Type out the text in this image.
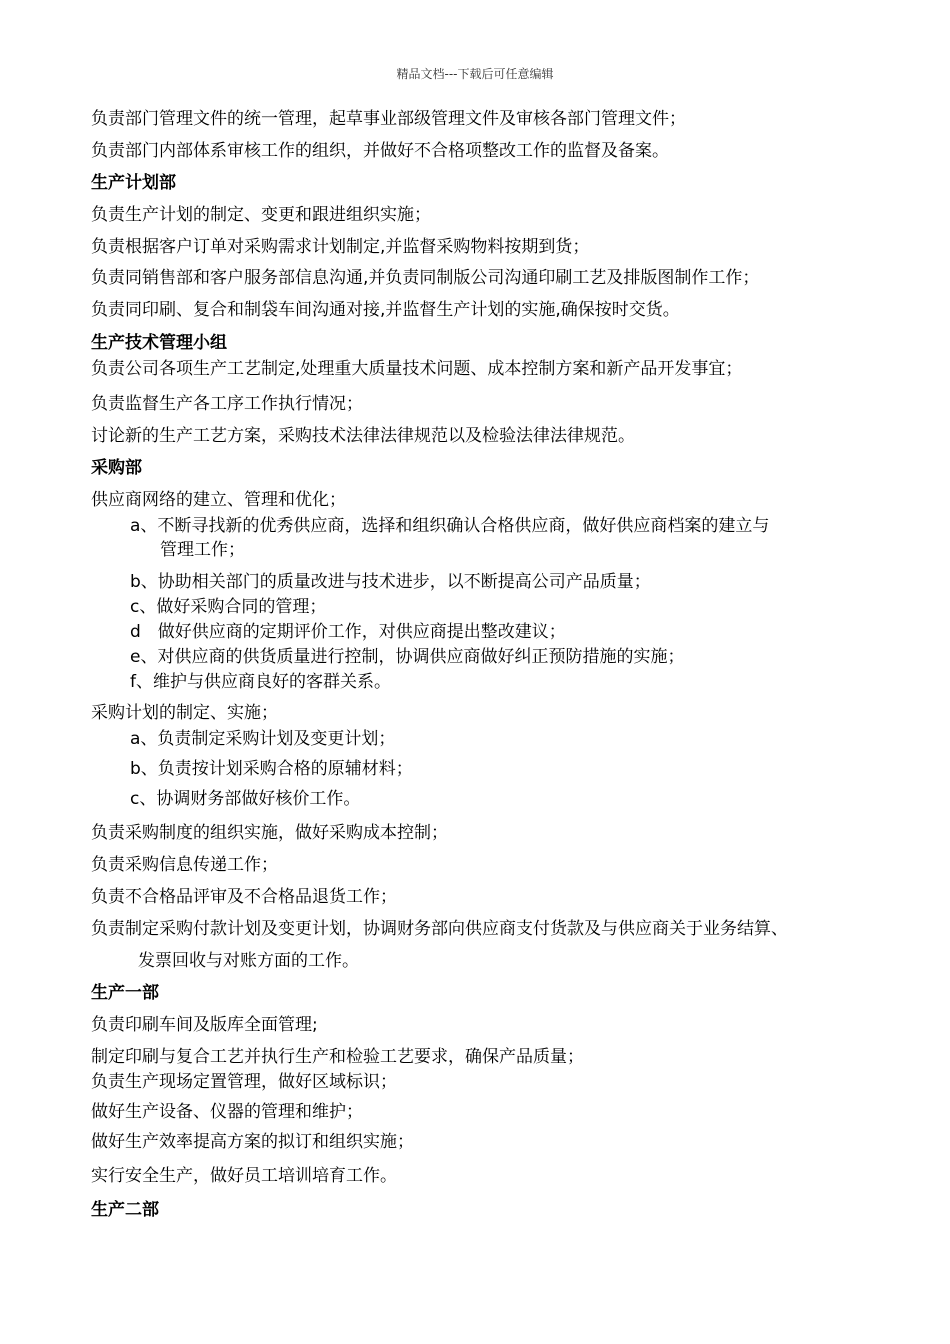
精品文档---下载后可任意编辑
负责部门管理文件的统一管理，起草事业部级管理文件及审核各部门管理文件；
负责部门内部体系审核工作的组织，并做好不合格项整改工作的监督及备案。
生产计划部
负责生产计划的制定、变更和跟进组织实施；
负责根据客户订单对采购需求计划制定,并监督采购物料按期到货；
负责同销售部和客户服务部信息沟通,并负责同制版公司沟通印刷工艺及排版图制作工作；
负责同印刷、复合和制袋车间沟通对接,并监督生产计划的实施,确保按时交货。
生产技术管理小组
负责公司各项生产工艺制定,处理重大质量技术问题、成本控制方案和新产品开发事宜；
负责监督生产各工序工作执行情况；
讨论新的生产工艺方案，采购技术法律法律规范以及检验法律法律规范。
采购部
供应商网络的建立、管理和优化；
a、不断寻找新的优秀供应商，选择和组织确认合格供应商，做好供应商档案的建立与
管理工作；
b、协助相关部门的质量改进与技术进步，以不断提高公司产品质量；
c、做好采购合同的管理；
d　做好供应商的定期评价工作，对供应商提出整改建议；
e、对供应商的供货质量进行控制，协调供应商做好纠正预防措施的实施；
f、维护与供应商良好的客群关系。
采购计划的制定、实施；
a、负责制定采购计划及变更计划；
b、负责按计划采购合格的原辅材料；
c、协调财务部做好核价工作。
负责采购制度的组织实施，做好采购成本控制；
负责采购信息传递工作；
负责不合格品评审及不合格品退货工作；
负责制定采购付款计划及变更计划，协调财务部向供应商支付货款及与供应商关于业务结算、
发票回收与对账方面的工作。
生产一部
负责印刷车间及版库全面管理;
制定印刷与复合工艺并执行生产和检验工艺要求，确保产品质量；
负责生产现场定置管理，做好区域标识；
做好生产设备、仪器的管理和维护；
做好生产效率提高方案的拟订和组织实施；
实行安全生产，做好员工培训培育工作。
生产二部
